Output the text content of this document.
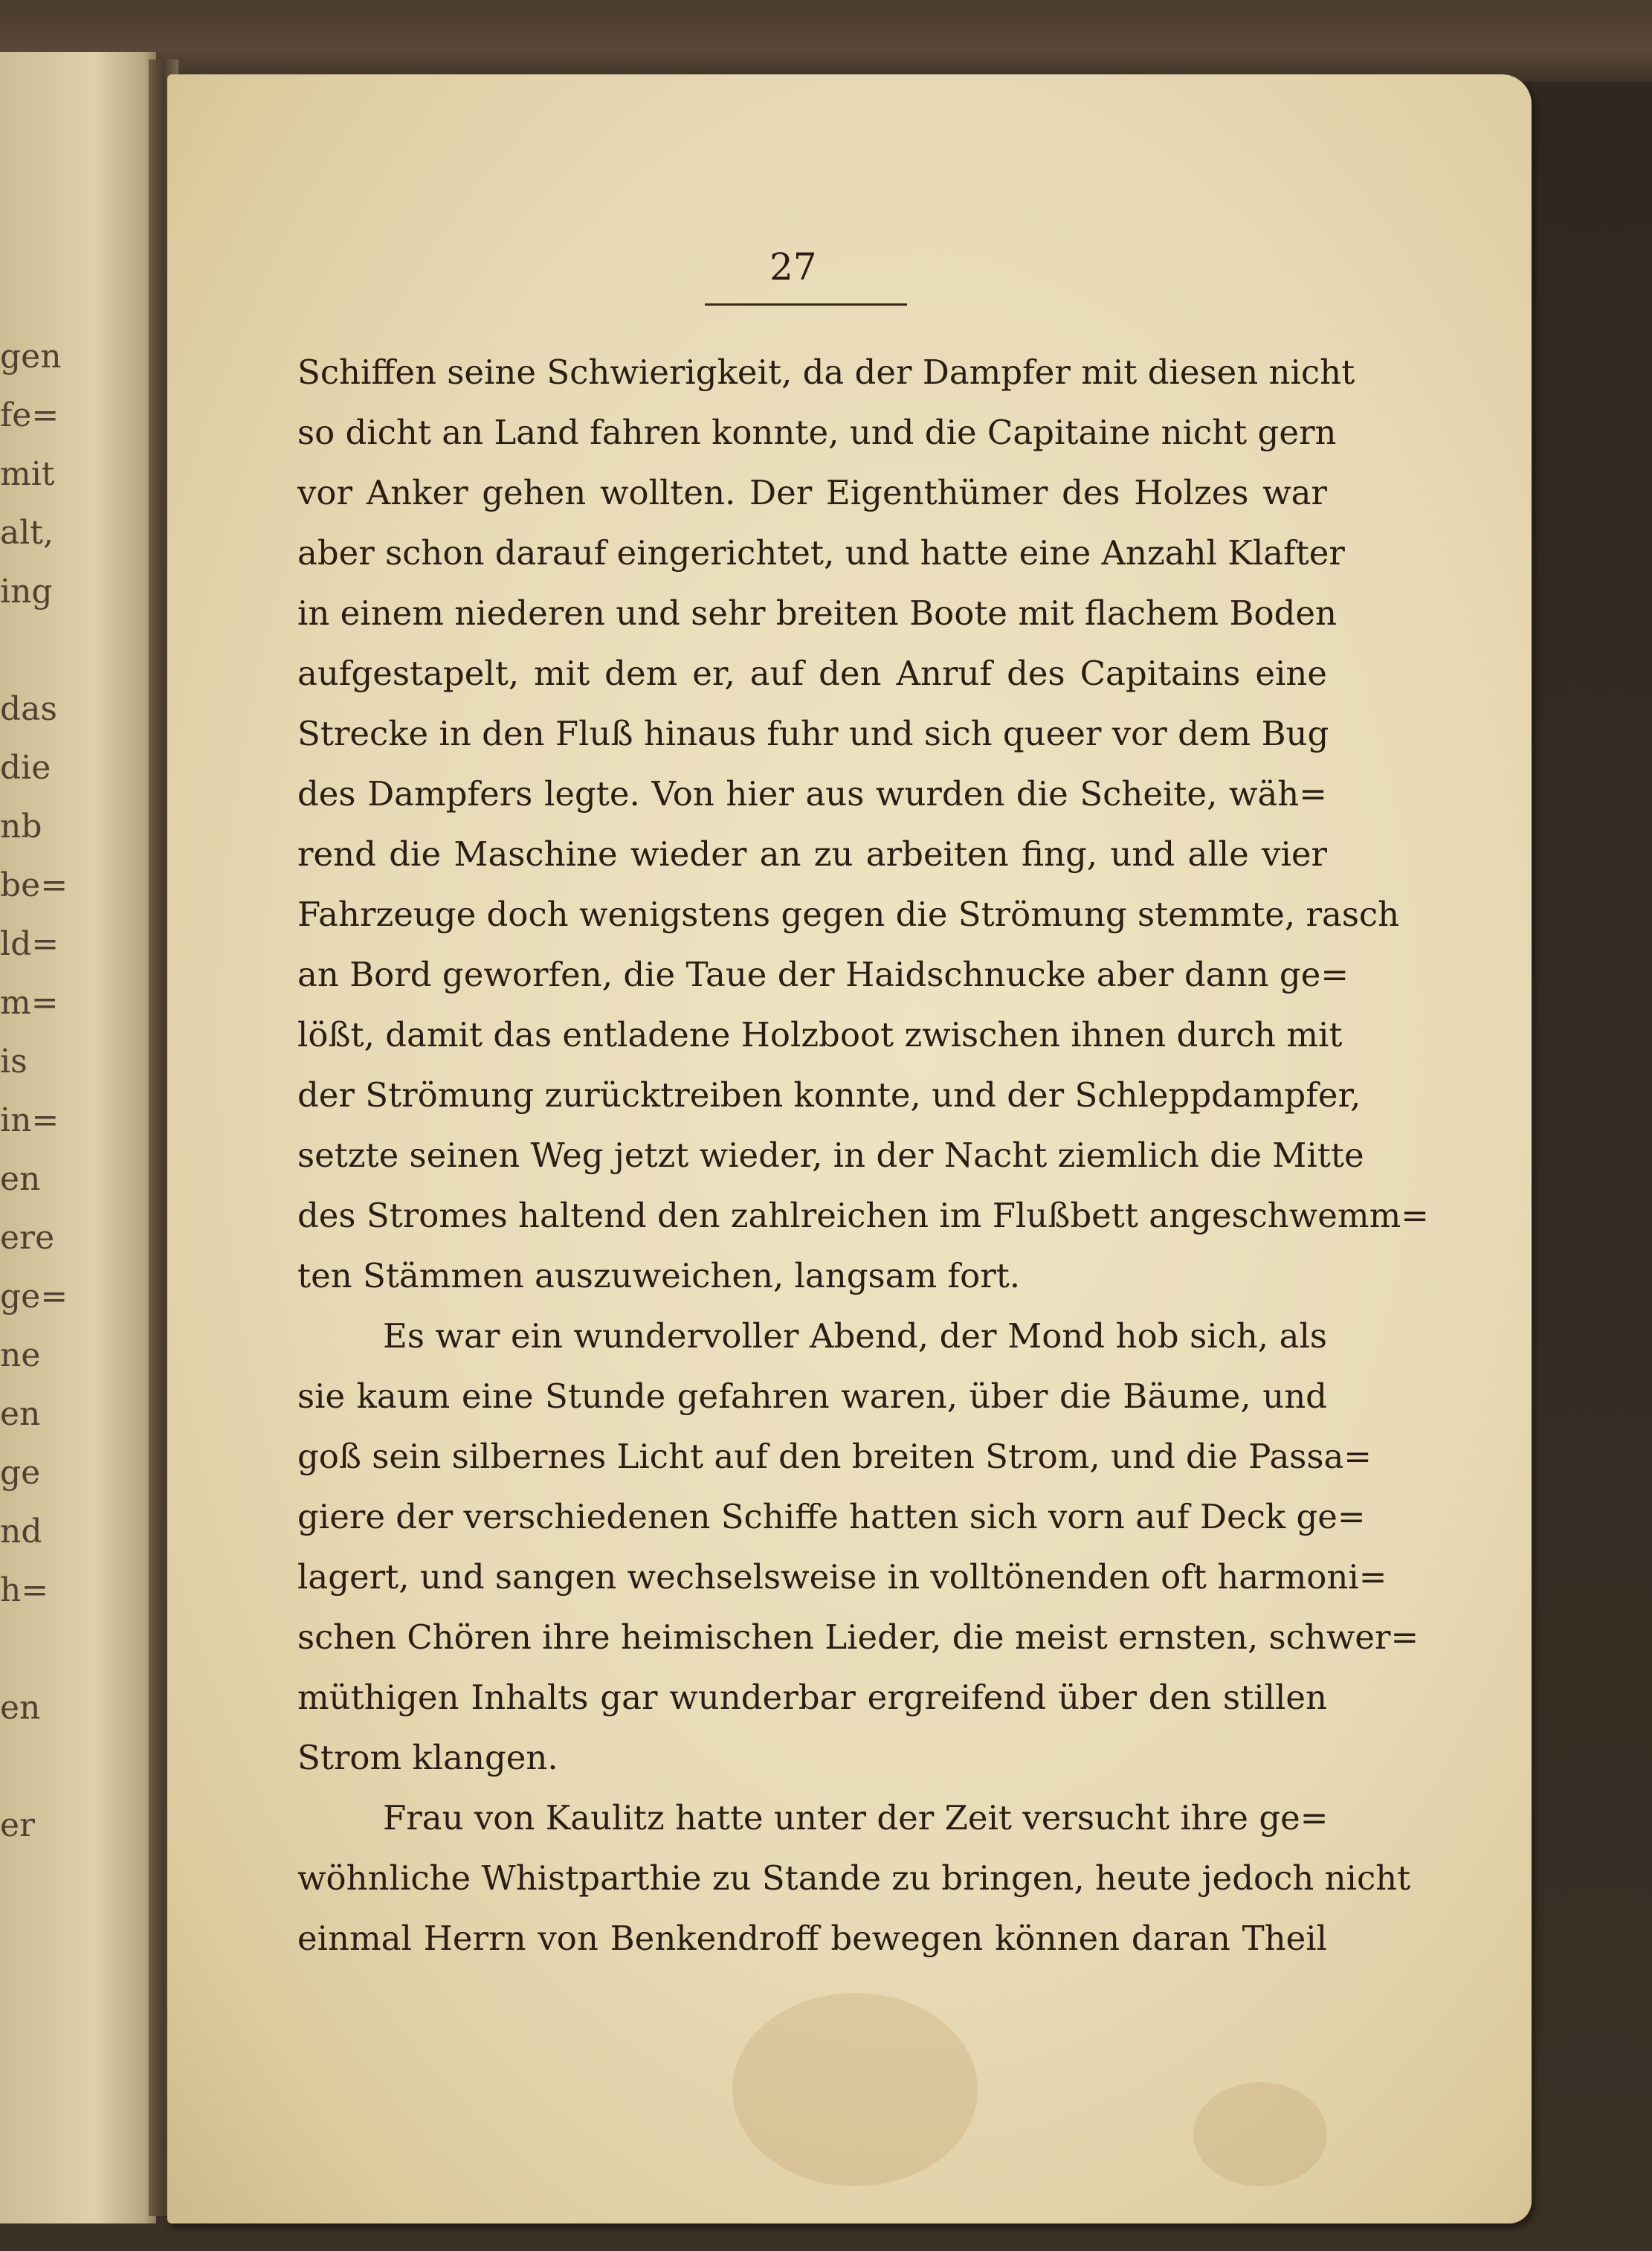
gen
fe=
mit
alt,
ing
das
die
nb
be=
ld=
m=
is
in=
en
ere
ge=
ne
en
ge
nd
h=
en
er
27
Schiffen seine Schwierigkeit, da der Dampfer mit diesen nicht
so dicht an Land fahren konnte, und die Capitaine nicht gern
vor Anker gehen wollten. Der Eigenthümer des Holzes war
aber schon darauf eingerichtet, und hatte eine Anzahl Klafter
in einem niederen und sehr breiten Boote mit flachem Boden
aufgestapelt, mit dem er, auf den Anruf des Capitains eine
Strecke in den Fluß hinaus fuhr und sich queer vor dem Bug
des Dampfers legte. Von hier aus wurden die Scheite, wäh=
rend die Maschine wieder an zu arbeiten fing, und alle vier
Fahrzeuge doch wenigstens gegen die Strömung stemmte, rasch
an Bord geworfen, die Taue der Haidschnucke aber dann ge=
lößt, damit das entladene Holzboot zwischen ihnen durch mit
der Strömung zurücktreiben konnte, und der Schleppdampfer,
setzte seinen Weg jetzt wieder, in der Nacht ziemlich die Mitte
des Stromes haltend den zahlreichen im Flußbett angeschwemm=
ten Stämmen auszuweichen, langsam fort.
Es war ein wundervoller Abend, der Mond hob sich, als
sie kaum eine Stunde gefahren waren, über die Bäume, und
goß sein silbernes Licht auf den breiten Strom, und die Passa=
giere der verschiedenen Schiffe hatten sich vorn auf Deck ge=
lagert, und sangen wechselsweise in volltönenden oft harmoni=
schen Chören ihre heimischen Lieder, die meist ernsten, schwer=
müthigen Inhalts gar wunderbar ergreifend über den stillen
Strom klangen.
Frau von Kaulitz hatte unter der Zeit versucht ihre ge=
wöhnliche Whistparthie zu Stande zu bringen, heute jedoch nicht
einmal Herrn von Benkendroff bewegen können daran Theil
